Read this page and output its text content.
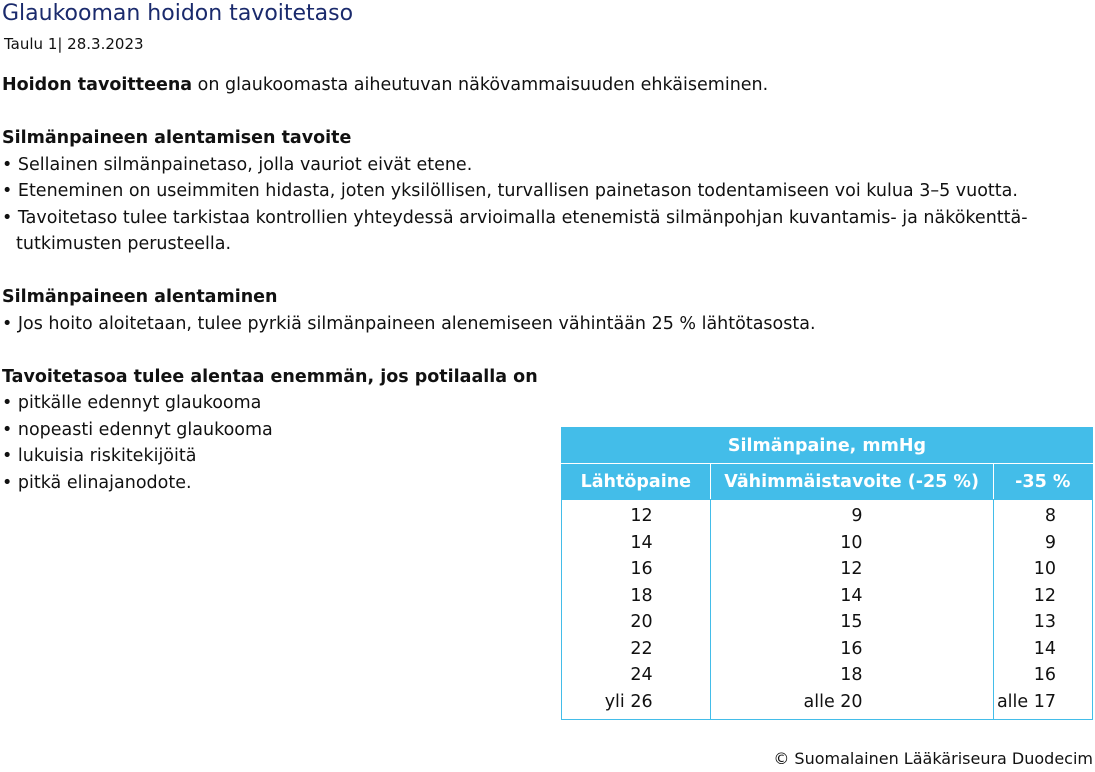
Glaukooman hoidon tavoitetaso
Taulu 1| 28.3.2023

Hoidon tavoitteena on glaukoomasta aiheutuvan näkövammaisuuden ehkäiseminen.

Silmänpaineen alentamisen tavoite

• Sellainen silmänpainetaso, jolla vauriot eivät etene.

• Eteneminen on useimmiten hidasta, joten yksilöllisen, turvallisen painetason todentamiseen voi kulua 3–5 vuotta.

• Tavoitetaso tulee tarkistaa kontrollien yhteydessä arvioimalla etenemistä silmänpohjan kuvantamis- ja näkökenttätutkimusten perusteella.

Silmänpaineen alentaminen

• Jos hoito aloitetaan, tulee pyrkiä silmänpaineen alenemiseen vähintään 25 % lähtötasosta.

Tavoitetasoa tulee alentaa enemmän, jos potilaalla on

• pitkälle edennyt glaukooma

• nopeasti edennyt glaukooma

• lukuisia riskitekijöitä

• pitkä elinajanodote.

Silmänpaine, mmHg		
Lähtöpaine	Vähimmäistavoite (-25 %)	-35 %
12	9	8
14	10	9
16	12	10
18	14	12
20	15	13
22	16	14
24	18	16
yli 26	alle 20	alle 17
© Suomalainen Lääkäriseura Duodecim
